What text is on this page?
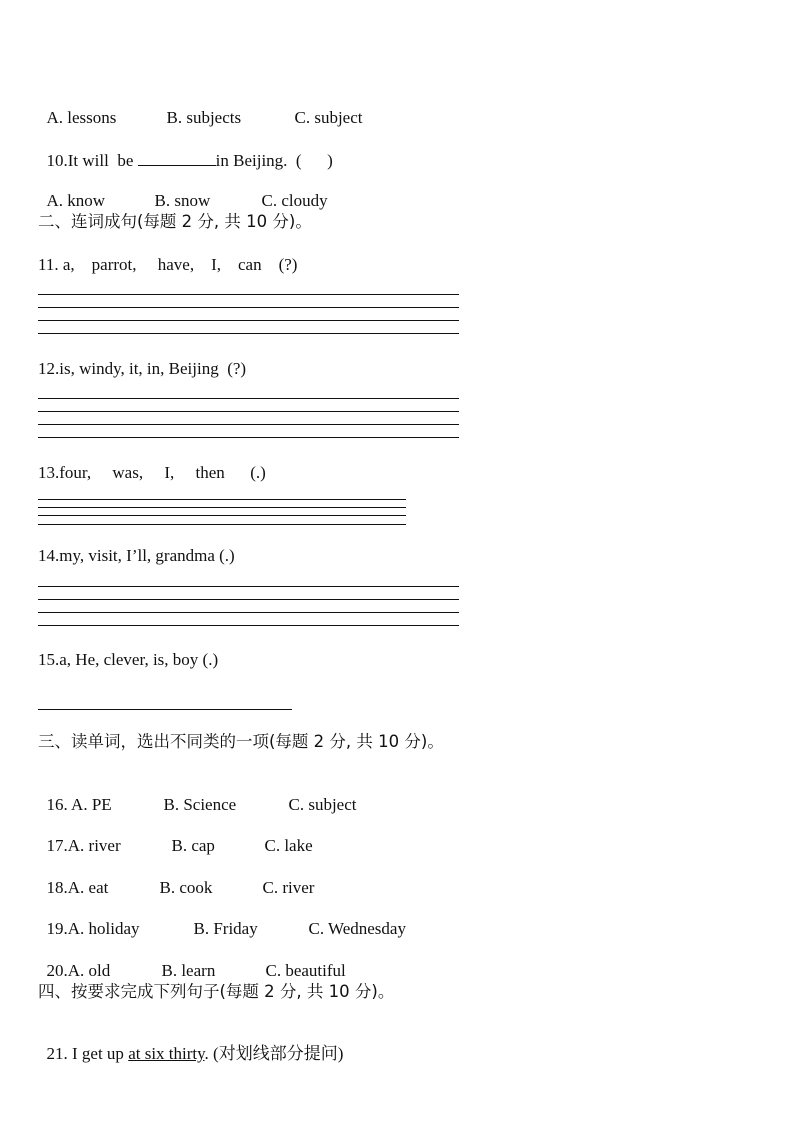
A. lessons	B. subjects	C. subject

10.It will  be	in Beijing.  (      )

A. know	B. snow	C. cloudy

二、连词成句(每题 2 分, 共 10 分)。
11. a,    parrot,     have,    I,    can    (?)
12.is, windy, it, in, Beijing  (?)
13.four,     was,     I,     then      (.)
14.my, visit, I’ll, grandma (.)
15.a, He, clever, is, boy (.)
三、读单词，选出不同类的一项(每题 2 分, 共 10 分)。

16. A. PE	B. Science	C. subject

17.A. river	B. cap	C. lake

18.A. eat	B. cook	C. river

19.A. holiday	B. Friday	C. Wednesday

20.A. old	B. learn	C. beautiful

四、按要求完成下列句子(每题 2 分, 共 10 分)。

21. I get up at six thirty. (对划线部分提问)
